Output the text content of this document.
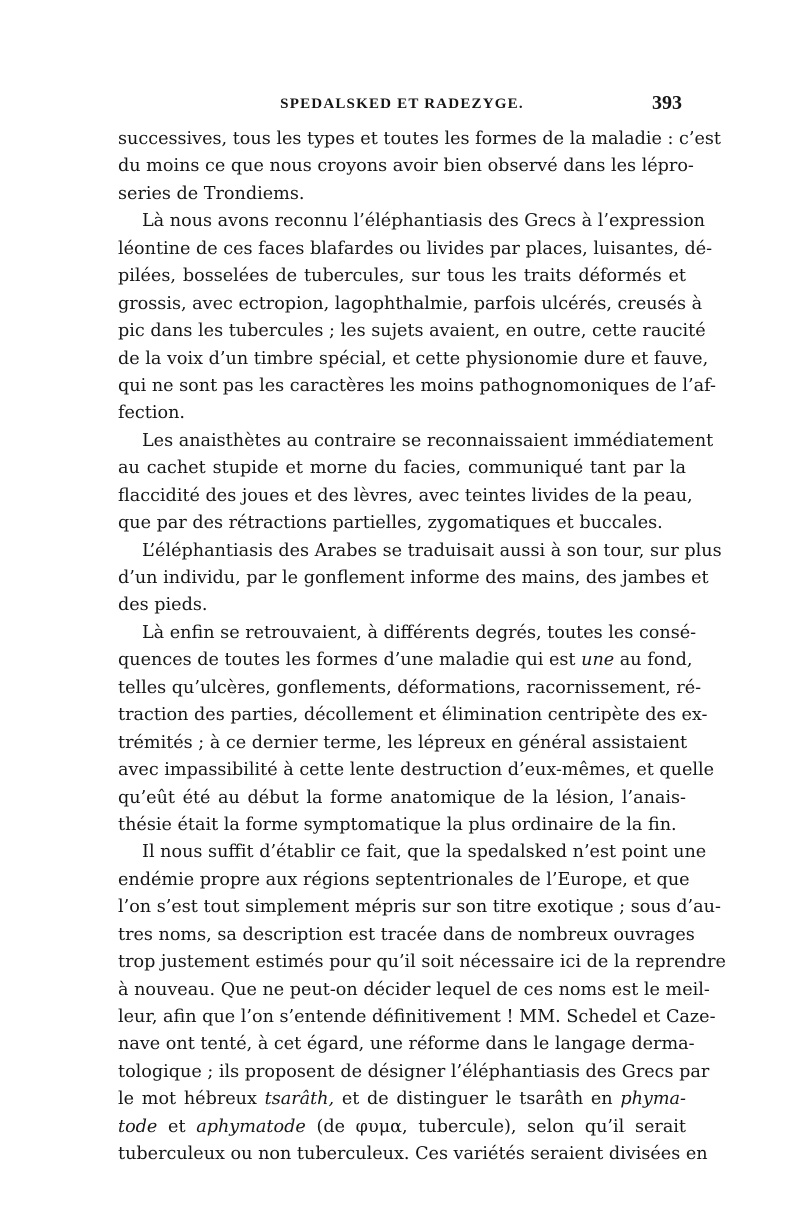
SPEDALSKED ET RADEZYGE.	393
successives, tous les types et toutes les formes de la maladie : c’est
du moins ce que nous croyons avoir bien observé dans les lépro-
series de Trondiems.
Là nous avons reconnu l’éléphantiasis des Grecs à l’expression
léontine de ces faces blafardes ou livides par places, luisantes, dé-
pilées, bosselées de tubercules, sur tous les traits déformés et
grossis, avec ectropion, lagophthalmie, parfois ulcérés, creusés à
pic dans les tubercules ; les sujets avaient, en outre, cette raucité
de la voix d’un timbre spécial, et cette physionomie dure et fauve,
qui ne sont pas les caractères les moins pathognomoniques de l’af-
fection.
Les anaisthètes au contraire se reconnaissaient immédiatement
au cachet stupide et morne du facies, communiqué tant par la
flaccidité des joues et des lèvres, avec teintes livides de la peau,
que par des rétractions partielles, zygomatiques et buccales.
L’éléphantiasis des Arabes se traduisait aussi à son tour, sur plus
d’un individu, par le gonflement informe des mains, des jambes et
des pieds.
Là enfin se retrouvaient, à différents degrés, toutes les consé-
quences de toutes les formes d’une maladie qui est une au fond,
telles qu’ulcères, gonflements, déformations, racornissement, ré-
traction des parties, décollement et élimination centripète des ex-
trémités ; à ce dernier terme, les lépreux en général assistaient
avec impassibilité à cette lente destruction d’eux-mêmes, et quelle
qu’eût été au début la forme anatomique de la lésion, l’anais-
thésie était la forme symptomatique la plus ordinaire de la fin.
Il nous suffit d’établir ce fait, que la spedalsked n’est point une
endémie propre aux régions septentrionales de l’Europe, et que
l’on s’est tout simplement mépris sur son titre exotique ; sous d’au-
tres noms, sa description est tracée dans de nombreux ouvrages
trop justement estimés pour qu’il soit nécessaire ici de la reprendre
à nouveau. Que ne peut-on décider lequel de ces noms est le meil-
leur, afin que l’on s’entende définitivement ! MM. Schedel et Caze-
nave ont tenté, à cet égard, une réforme dans le langage derma-
tologique ; ils proposent de désigner l’éléphantiasis des Grecs par
le mot hébreux tsarâth, et de distinguer le tsarâth en phyma-
tode et aphymatode (de φυμα, tubercule), selon qu’il serait
tuberculeux ou non tuberculeux. Ces variétés seraient divisées en
